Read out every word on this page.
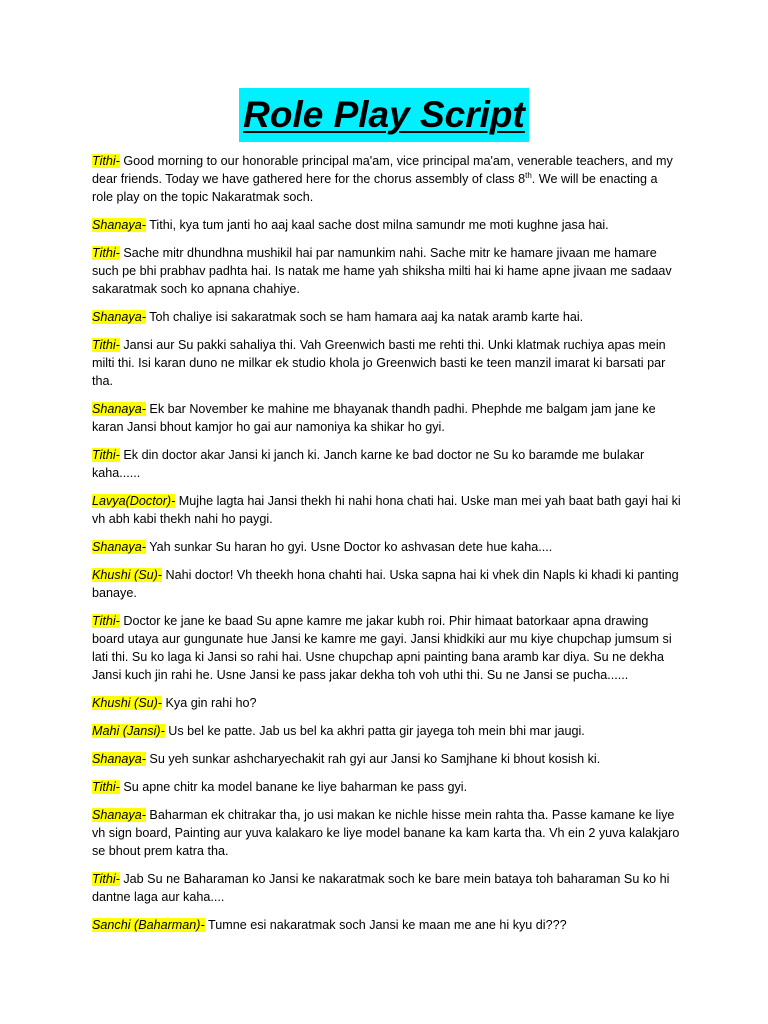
Role Play Script

Tithi- Good morning to our honorable principal ma'am, vice principal ma'am, venerable teachers, and my dear friends. Today we have gathered here for the chorus assembly of class 8th. We will be enacting a role play on the topic Nakaratmak soch.

Shanaya- Tithi, kya tum janti ho aaj kaal sache dost milna samundr me moti kughne jasa hai.

Tithi- Sache mitr dhundhna mushikil hai par namunkim nahi. Sache mitr ke hamare jivaan me hamare such pe bhi prabhav padhta hai. Is natak me hame yah shiksha milti hai ki hame apne jivaan me sadaav sakaratmak soch ko apnana chahiye.

Shanaya- Toh chaliye isi sakaratmak soch se ham hamara aaj ka natak aramb karte hai.

Tithi- Jansi aur Su pakki sahaliya thi. Vah Greenwich basti me rehti thi. Unki klatmak ruchiya apas mein milti thi. Isi karan duno ne milkar ek studio khola jo Greenwich basti ke teen manzil imarat ki barsati par tha.

Shanaya- Ek bar November ke mahine me bhayanak thandh padhi. Phephde me balgam jam jane ke karan Jansi bhout kamjor ho gai aur namoniya ka shikar ho gyi.

Tithi- Ek din doctor akar Jansi ki janch ki. Janch karne ke bad doctor ne Su ko baramde me bulakar kaha......

Lavya(Doctor)- Mujhe lagta hai Jansi thekh hi nahi hona chati hai. Uske man mei yah baat bath gayi hai ki vh abh kabi thekh nahi ho paygi.

Shanaya- Yah sunkar Su haran ho gyi. Usne Doctor ko ashvasan dete hue kaha....

Khushi (Su)- Nahi doctor! Vh theekh hona chahti hai. Uska sapna hai ki vhek din Napls ki khadi ki panting banaye.

Tithi- Doctor ke jane ke baad Su apne kamre me jakar kubh roi. Phir himaat batorkaar apna drawing board utaya aur gungunate hue Jansi ke kamre me gayi. Jansi khidkiki aur mu kiye chupchap jumsum si lati thi. Su ko laga ki Jansi so rahi hai. Usne chupchap apni painting bana aramb kar diya. Su ne dekha Jansi kuch jin rahi he. Usne Jansi ke pass jakar dekha toh voh uthi thi. Su ne Jansi se pucha......

Khushi (Su)- Kya gin rahi ho?

Mahi (Jansi)- Us bel ke patte. Jab us bel ka akhri patta gir jayega toh mein bhi mar jaugi.

Shanaya- Su yeh sunkar ashcharyechakit rah gyi aur Jansi ko Samjhane ki bhout kosish ki.

Tithi- Su apne chitr ka model banane ke liye baharman ke pass gyi.

Shanaya- Baharman ek chitrakar tha, jo usi makan ke nichle hisse mein rahta tha. Passe kamane ke liye vh sign board, Painting aur yuva kalakaro ke liye model banane ka kam karta tha. Vh ein 2 yuva kalakjaro se bhout prem katra tha.

Tithi- Jab Su ne Baharaman ko Jansi ke nakaratmak soch ke bare mein bataya toh baharaman Su ko hi dantne laga aur kaha....

Sanchi (Baharman)- Tumne esi nakaratmak soch Jansi ke maan me ane hi kyu di???
